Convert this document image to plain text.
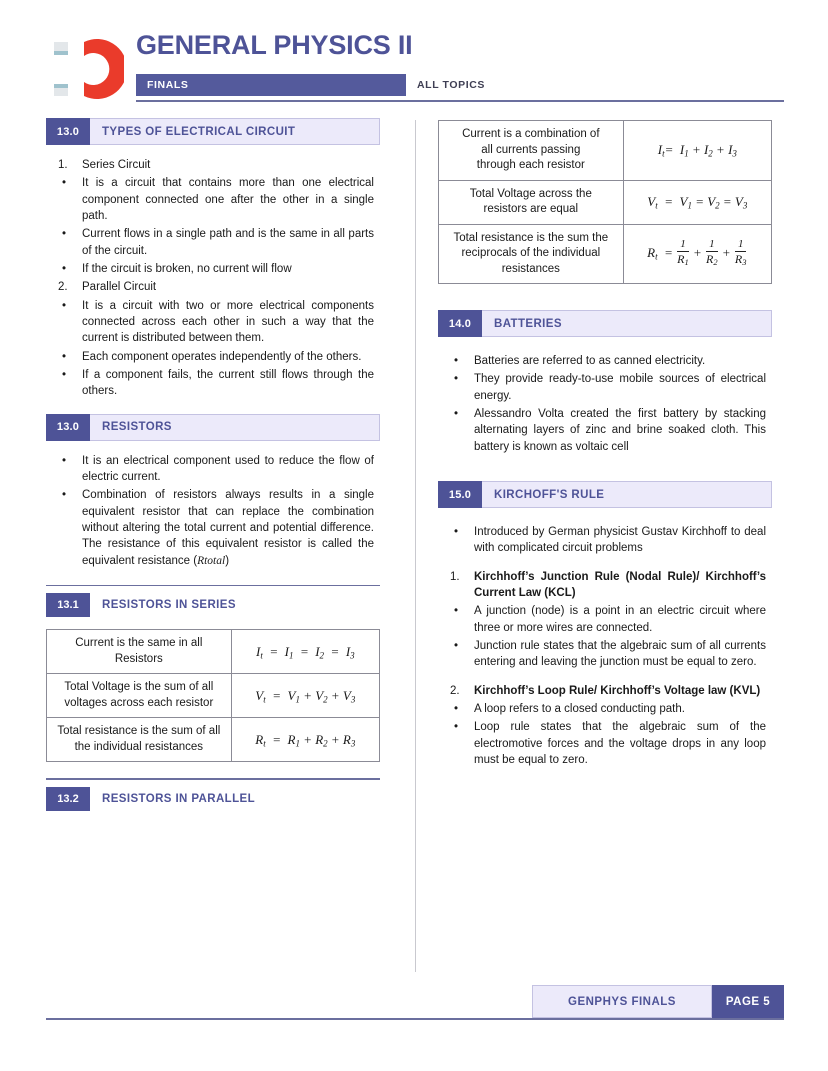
GENERAL PHYSICS II
FINALS	ALL TOPICS
13.0	TYPES OF ELECTRICAL CIRCUIT
1.	Series Circuit
•	It is a circuit that contains more than one electrical component connected one after the other in a single path.
•	Current flows in a single path and is the same in all parts of the circuit.
•	If the circuit is broken, no current will flow
2.	Parallel Circuit
•	It is a circuit with two or more electrical components connected across each other in such a way that the current is distributed between them.
•	Each component operates independently of the others.
•	If a component fails, the current still flows through the others.
13.0	RESISTORS
•	It is an electrical component used to reduce the flow of electric current.
•	Combination of resistors always results in a single equivalent resistor that can replace the combination without altering the total current and potential difference. The resistance of this equivalent resistor is called the equivalent resistance (Rtotal)
13.1	RESISTORS IN SERIES
Current is the same in all Resistors	$I_t = I_1 = I_2 = I_3$
Total Voltage is the sum of all voltages across each resistor	$V_t = V_1 + V_2 + V_3$
Total resistance is the sum of all the individual resistances	$R_t = R_1 + R_2 + R_3$
13.2	RESISTORS IN PARALLEL
Current is a combination of
all currents passing
through each resistor	$I_t= I_1 + I_2 + I_3$
Total Voltage across the resistors are equal	$V_t = V_1 = V_2 = V_3$
Total resistance is the sum the reciprocals of the individual resistances	$R_t = \frac{1}{R_1} + \frac{1}{R_2} + \frac{1}{R_3}$
14.0	BATTERIES
•	Batteries are referred to as canned electricity.
•	They provide ready-to-use mobile sources of electrical energy.
•	Alessandro Volta created the first battery by stacking alternating layers of zinc and brine soaked cloth. This battery is known as voltaic cell
15.0	KIRCHOFF'S RULE
•	Introduced by German physicist Gustav Kirchhoff to deal with complicated circuit problems
1.	Kirchhoff’s Junction Rule (Nodal Rule)/ Kirchhoff’s Current Law (KCL)
•	A junction (node) is a point in an electric circuit where three or more wires are connected.
•	Junction rule states that the algebraic sum of all currents entering and leaving the junction must be equal to zero.
2.	Kirchhoff’s Loop Rule/ Kirchhoff’s Voltage law (KVL)
•	A loop refers to a closed conducting path.
•	Loop rule states that the algebraic sum of the electromotive forces and the voltage drops in any loop must be equal to zero.
GENPHYS FINALS	PAGE 5
